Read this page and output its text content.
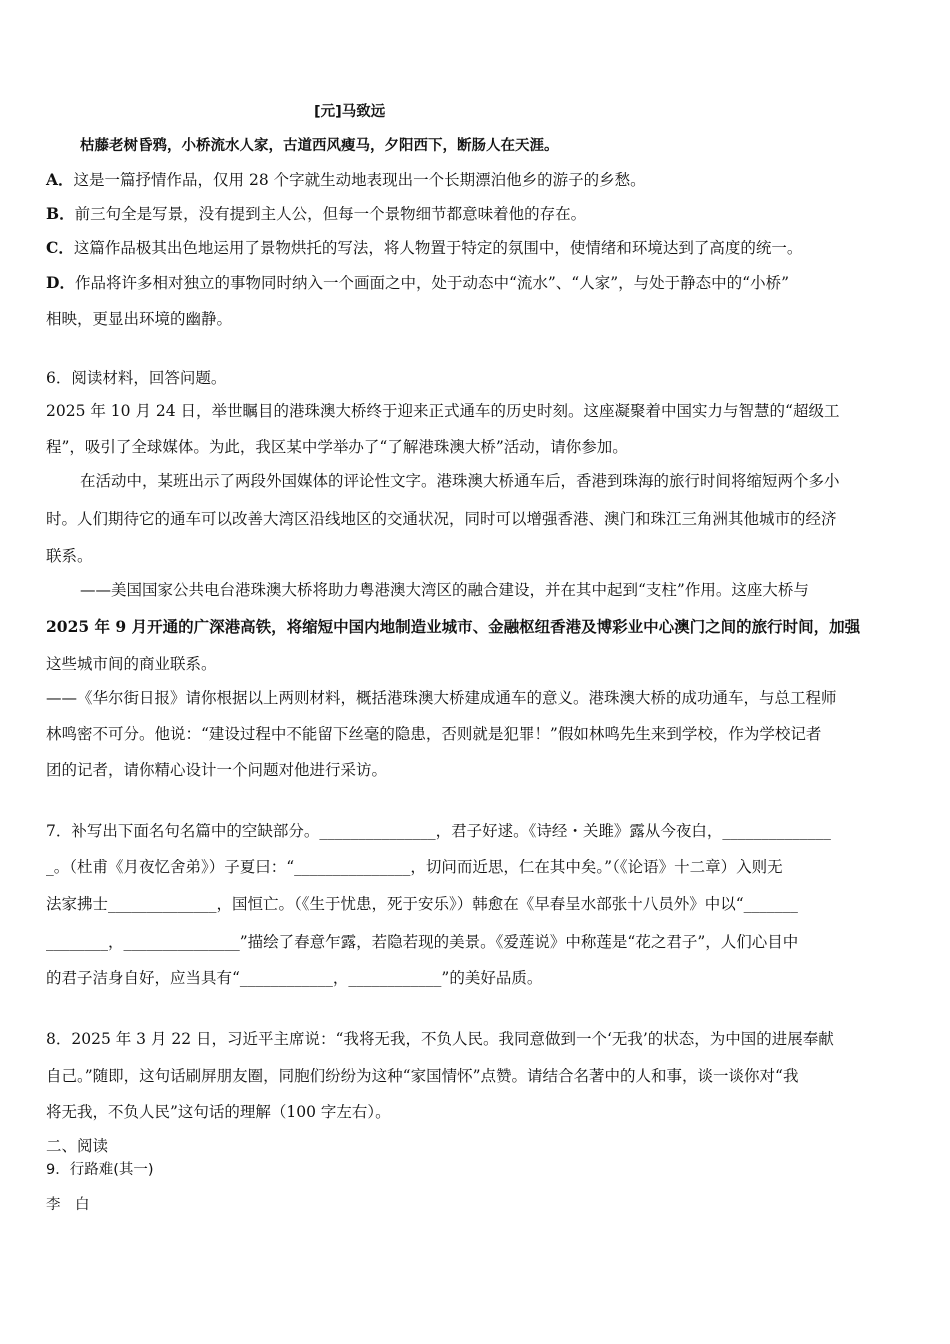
[元]马致远
枯藤老树昏鸦，小桥流水人家，古道西风瘦马，夕阳西下，断肠人在天涯。
A．这是一篇抒情作品，仅用 28 个字就生动地表现出一个长期漂泊他乡的游子的乡愁。
B．前三句全是写景，没有提到主人公，但每一个景物细节都意味着他的存在。
C．这篇作品极其出色地运用了景物烘托的写法，将人物置于特定的氛围中，使情绪和环境达到了高度的统一。
D．作品将许多相对独立的事物同时纳入一个画面之中，处于动态中“流水”、“人家”，与处于静态中的“小桥”
相映，更显出环境的幽静。
6．阅读材料，回答问题。
2025 年 10 月 24 日，举世瞩目的港珠澳大桥终于迎来正式通车的历史时刻。这座凝聚着中国实力与智慧的“超级工
程”，吸引了全球媒体。为此，我区某中学举办了“了解港珠澳大桥”活动，请你参加。
在活动中，某班出示了两段外国媒体的评论性文字。港珠澳大桥通车后，香港到珠海的旅行时间将缩短两个多小
时。人们期待它的通车可以改善大湾区沿线地区的交通状况，同时可以增强香港、澳门和珠江三角洲其他城市的经济
联系。
——美国国家公共电台港珠澳大桥将助力粤港澳大湾区的融合建设，并在其中起到“支柱”作用。这座大桥与
2025 年 9 月开通的广深港高铁，将缩短中国内地制造业城市、金融枢纽香港及博彩业中心澳门之间的旅行时间，加强
这些城市间的商业联系。
——《华尔街日报》请你根据以上两则材料，概括港珠澳大桥建成通车的意义。港珠澳大桥的成功通车，与总工程师
林鸣密不可分。他说：“建设过程中不能留下丝毫的隐患，否则就是犯罪！”假如林鸣先生来到学校，作为学校记者
团的记者，请你精心设计一个问题对他进行采访。
7．补写出下面名句名篇中的空缺部分。_______________，君子好逑。《诗经・关雎》露从今夜白，______________
_。（杜甫《月夜忆舍弟》）子夏曰：“_______________，切问而近思，仁在其中矣。”（《论语》十二章）入则无
法家拂士______________，国恒亡。（《生于忧患，死于安乐》）韩愈在《早春呈水部张十八员外》中以“_______
________，_______________”描绘了春意乍露，若隐若现的美景。《爱莲说》中称莲是“花之君子”，人们心目中
的君子洁身自好，应当具有“____________，____________”的美好品质。
8．2025 年 3 月 22 日，习近平主席说：“我将无我，不负人民。我同意做到一个‘无我’的状态，为中国的进展奉献
自己。”随即，这句话刷屏朋友圈，同胞们纷纷为这种“家国情怀”点赞。请结合名著中的人和事，谈一谈你对“我
将无我，不负人民”这句话的理解（100 字左右）。
二、阅读
9．行路难(其一)
李　白
